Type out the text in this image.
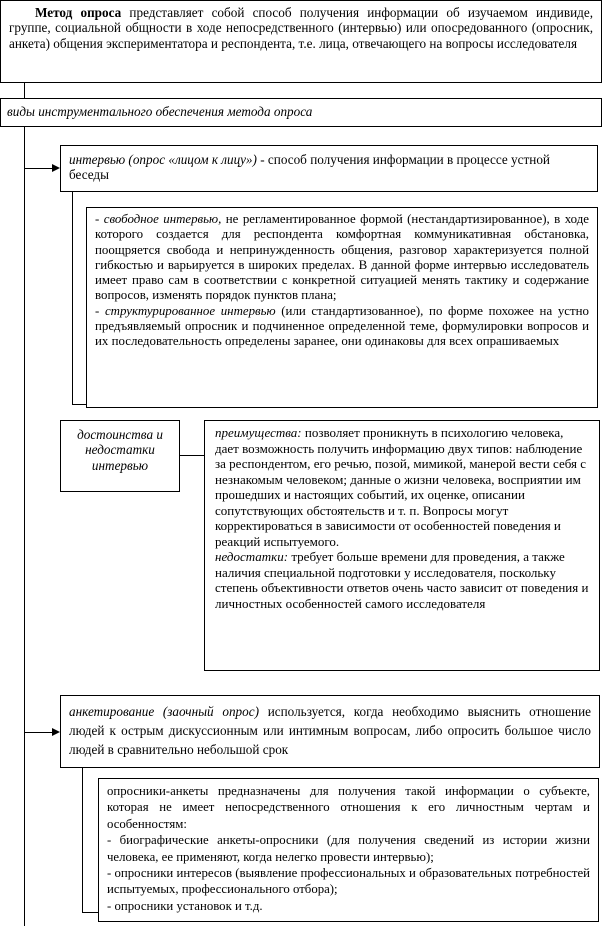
Метод опроса представляет собой способ получения информации об изучаемом индивиде, группе, социальной общности в ходе непосредственного (интервью) или опосредованного (опросник, анкета) общения экспериментатора и респондента, т.е. лица, отвечающего на вопросы исследователя
виды инструментального обеспечения метода опроса
интервью (опрос «лицом к лицу») - способ получения информации в процессе устной беседы

- свободное интервью, не регламентированное формой (нестандартизированное), в ходе которого создается для респондента комфортная коммуникативная обстановка, поощряется свобода и непринужденность общения, разговор характеризуется полной гибкостью и варьируется в широких пределах. В данной форме интервью исследователь имеет право сам в соответствии с конкретной ситуацией менять тактику и содержание вопросов, изменять порядок пунктов плана;

- структурированное интервью (или стандартизованное), по форме похожее на устно предъявляемый опросник и подчиненное определенной теме, формулировки вопросов и их последовательность определены заранее, они одинаковы для всех опрашиваемых

достоинства и недостатки интервью

преимущества: позволяет проникнуть в психологию человека, дает возможность получить информацию двух типов: наблюдение за респондентом, его речью, позой, мимикой, манерой вести себя с незнакомым человеком; данные о жизни человека, восприятии им прошедших и настоящих событий, их оценке, описании сопутствующих обстоятельств и т. п. Вопросы могут корректироваться в зависимости от особенностей поведения и реакций испытуемого.

недостатки: требует больше времени для проведения, а также наличия специальной подготовки у исследователя, поскольку степень объективности ответов очень часто зависит от поведения и личностных особенностей самого исследователя

анкетирование (заочный опрос) используется, когда необходимо выяснить отношение людей к острым дискуссионным или интимным вопросам, либо опросить большое число людей в сравнительно небольшой срок

опросники-анкеты предназначены для получения такой информации о субъекте, которая не имеет непосредственного отношения к его личностным чертам и особенностям:

- биографические анкеты-опросники (для получения сведений из истории жизни человека, ее применяют, когда нелегко провести интервью);

- опросники интересов (выявление профессиональных и образовательных потребностей испытуемых, профессионального отбора);

- опросники установок и т.д.
